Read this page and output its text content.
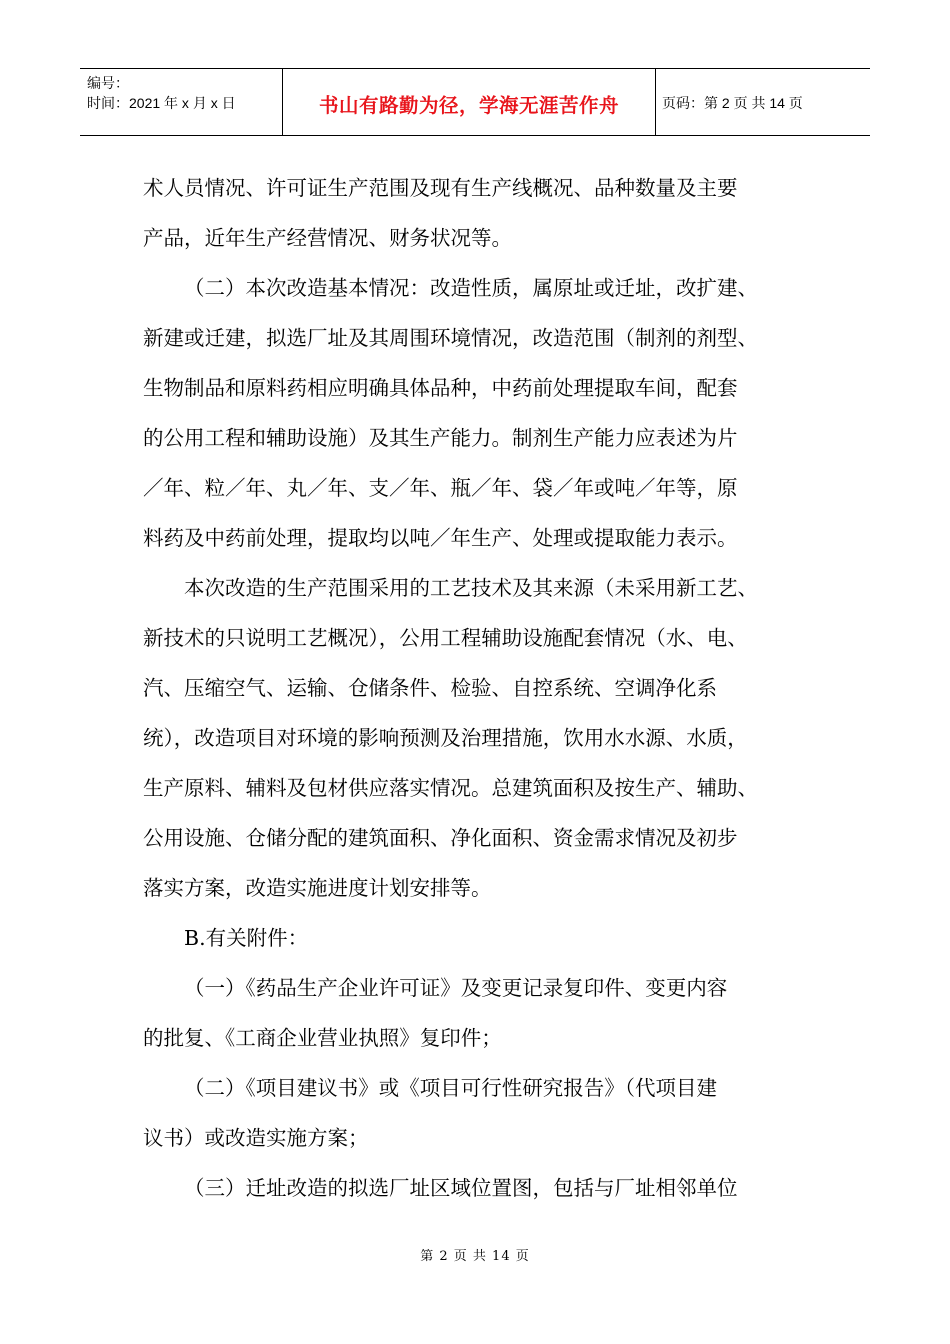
编号：
时间：2021 年 x 月 x 日	书山有路勤为径，学海无涯苦作舟	页码：第 2 页 共 14 页
术人员情况、许可证生产范围及现有生产线概况、品种数量及主要
产品，近年生产经营情况、财务状况等。
（二）本次改造基本情况：改造性质，属原址或迁址，改扩建、
新建或迁建，拟选厂址及其周围环境情况，改造范围（制剂的剂型、
生物制品和原料药相应明确具体品种，中药前处理提取车间，配套
的公用工程和辅助设施）及其生产能力。制剂生产能力应表述为片
／年、粒／年、丸／年、支／年、瓶／年、袋／年或吨／年等，原
料药及中药前处理，提取均以吨／年生产、处理或提取能力表示。
本次改造的生产范围采用的工艺技术及其来源（未采用新工艺、
新技术的只说明工艺概况），公用工程辅助设施配套情况（水、电、
汽、压缩空气、运输、仓储条件、检验、自控系统、空调净化系
统），改造项目对环境的影响预测及治理措施，饮用水水源、水质，
生产原料、辅料及包材供应落实情况。总建筑面积及按生产、辅助、
公用设施、仓储分配的建筑面积、净化面积、资金需求情况及初步
落实方案，改造实施进度计划安排等。
B.有关附件：
（一）《药品生产企业许可证》及变更记录复印件、变更内容
的批复、《工商企业营业执照》复印件；
（二）《项目建议书》或《项目可行性研究报告》（代项目建
议书）或改造实施方案；
（三）迁址改造的拟选厂址区域位置图，包括与厂址相邻单位
第 2 页 共 14 页
